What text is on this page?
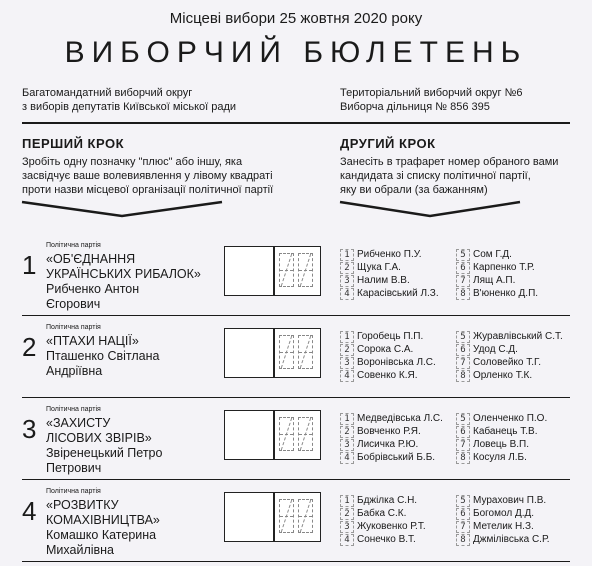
Місцеві вибори 25 жовтня 2020 року
ВИБОРЧИЙ БЮЛЕТЕНЬ
Багатомандатний виборчий округ
з виборів депутатів Київської міської ради
Територіальний виборчий округ №6
Виборча дільниця № 856 395
ПЕРШИЙ КРОК
Зробіть одну позначку "плюс" або іншу, яка
засвідчує ваше волевиявлення у лівому квадраті
проти назви місцевої організації політичної партії
ДРУГИЙ КРОК
Занесіть в трафарет номер обраного вами
кандидата зі списку політичної партії,
яку ви обрали (за бажанням)
1
Політична партія
«ОБ'ЄДНАННЯ
УКРАЇНСЬКИХ РИБАЛОК»
Рибченко Антон
Єгорович
1 Рибченко П.У.
2 Щука Г.А.
3 Налим В.В.
4 Карасівський Л.З.
5 Сом Г.Д.
6 Карпенко Т.Р.
7 Лящ А.П.
8 В'юненко Д.П.
2
Політична партія
«ПТАХИ НАЦІЇ»
Пташенко Світлана
Андріївна
1 Горобець П.П.
2 Сорока С.А.
3 Воронівська Л.С.
4 Совенко К.Я.
5 Журавлівський С.Т.
6 Удод С.Д.
7 Соловейко Т.Г.
8 Орленко Т.К.
3
Політична партія
«ЗАХИСТУ
ЛІСОВИХ ЗВІРІВ»
Звіренецький Петро
Петрович
1 Медведівська Л.С.
2 Вовченко Р.Я.
3 Лисичка Р.Ю.
4 Бобрівський Б.Б.
5 Оленченко П.О.
6 Кабанець Т.В.
7 Ловець В.П.
8 Косуля Л.Б.
4
Політична партія
«РОЗВИТКУ
КОМАХІВНИЦТВА»
Комашко Катерина
Михайлівна
1 Бджілка С.Н.
2 Бабка С.К.
3 Жуковенко Р.Т.
4 Сонечко В.Т.
5 Мурахович П.В.
6 Богомол Д.Д.
7 Метелик Н.З.
8 Джмілівська С.Р.
